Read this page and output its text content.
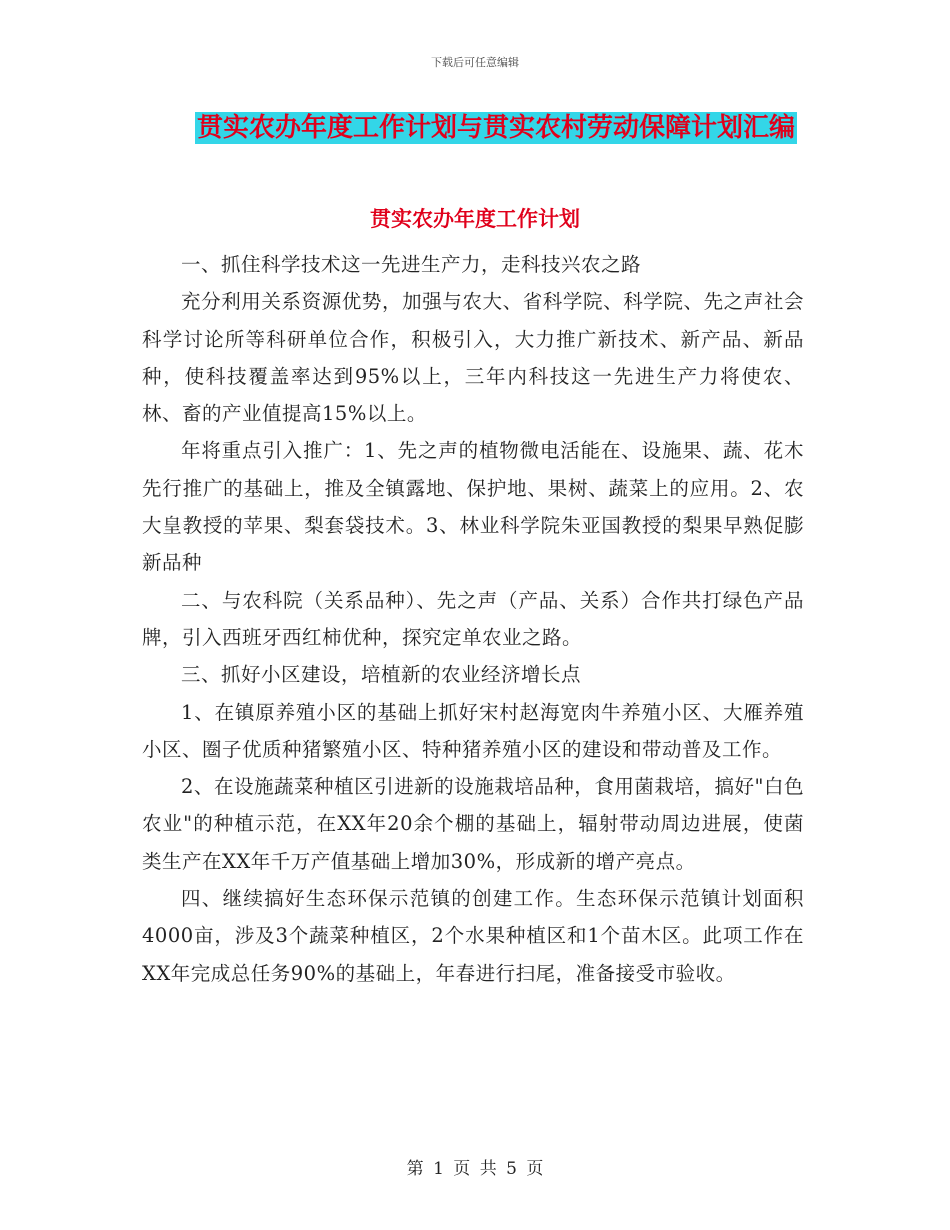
下载后可任意编辑
贯实农办年度工作计划与贯实农村劳动保障计划汇编
贯实农办年度工作计划

一、抓住科学技术这一先进生产力，走科技兴农之路

充分利用关系资源优势，加强与农大、省科学院、科学院、先之声社会科学讨论所等科研单位合作，积极引入，大力推广新技术、新产品、新品种，使科技覆盖率达到95%以上，三年内科技这一先进生产力将使农、林、畜的产业值提高15%以上。

年将重点引入推广：1、先之声的植物微电活能在、设施果、蔬、花木先行推广的基础上，推及全镇露地、保护地、果树、蔬菜上的应用。2、农大皇教授的苹果、梨套袋技术。3、林业科学院朱亚国教授的梨果早熟促膨新品种

二、与农科院（关系品种）、先之声（产品、关系）合作共打绿色产品牌，引入西班牙西红柿优种，探究定单农业之路。

三、抓好小区建设，培植新的农业经济增长点

1、在镇原养殖小区的基础上抓好宋村赵海宽肉牛养殖小区、大雁养殖小区、圈子优质种猪繁殖小区、特种猪养殖小区的建设和带动普及工作。

2、在设施蔬菜种植区引进新的设施栽培品种，食用菌栽培，搞好"白色农业"的种植示范，在XX年20余个棚的基础上，辐射带动周边进展，使菌类生产在XX年千万产值基础上增加30%，形成新的增产亮点。

四、继续搞好生态环保示范镇的创建工作。生态环保示范镇计划面积4000亩，涉及3个蔬菜种植区，2个水果种植区和1个苗木区。此项工作在XX年完成总任务90%的基础上，年春进行扫尾，准备接受市验收。

第 1 页 共 5 页
